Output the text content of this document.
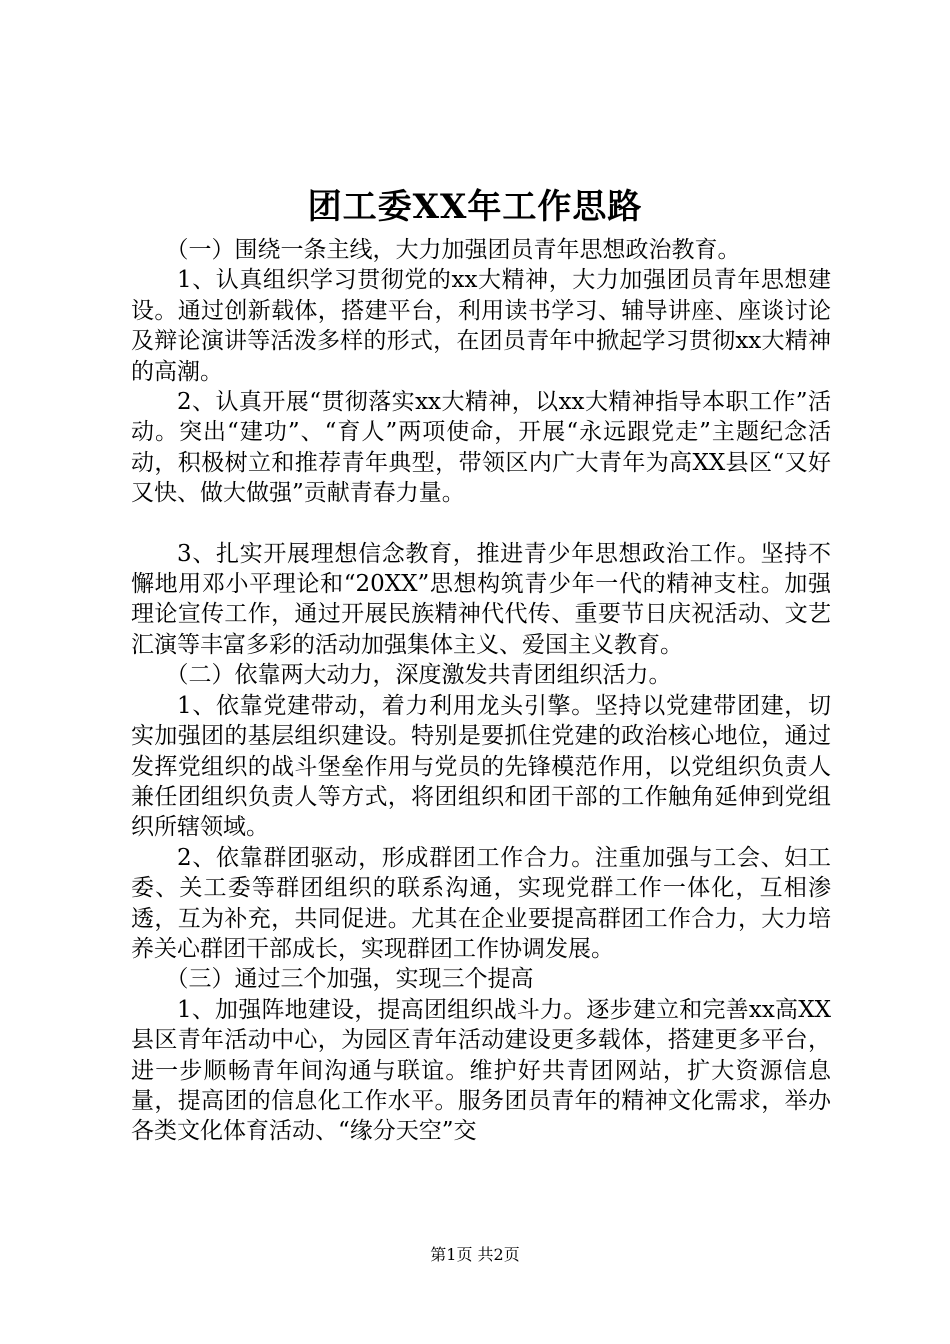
团工委XX年工作思路

（一）围绕一条主线，大力加强团员青年思想政治教育。

1、认真组织学习贯彻党的xx大精神，大力加强团员青年思想建设。通过创新载体，搭建平台，利用读书学习、辅导讲座、座谈讨论及辩论演讲等活泼多样的形式，在团员青年中掀起学习贯彻xx大精神的高潮。

2、认真开展“贯彻落实xx大精神，以xx大精神指导本职工作”活动。突出“建功”、“育人”两项使命，开展“永远跟党走”主题纪念活动，积极树立和推荐青年典型，带领区内广大青年为高XX县区“又好又快、做大做强”贡献青春力量。

3、扎实开展理想信念教育，推进青少年思想政治工作。坚持不懈地用邓小平理论和“20XX”思想构筑青少年一代的精神支柱。加强理论宣传工作，通过开展民族精神代代传、重要节日庆祝活动、文艺汇演等丰富多彩的活动加强集体主义、爱国主义教育。

（二）依靠两大动力，深度激发共青团组织活力。

1、依靠党建带动，着力利用龙头引擎。坚持以党建带团建，切实加强团的基层组织建设。特别是要抓住党建的政治核心地位，通过发挥党组织的战斗堡垒作用与党员的先锋模范作用，以党组织负责人兼任团组织负责人等方式，将团组织和团干部的工作触角延伸到党组织所辖领域。

2、依靠群团驱动，形成群团工作合力。注重加强与工会、妇工委、关工委等群团组织的联系沟通，实现党群工作一体化，互相渗透，互为补充，共同促进。尤其在企业要提高群团工作合力，大力培养关心群团干部成长，实现群团工作协调发展。

（三）通过三个加强，实现三个提高

1、加强阵地建设，提高团组织战斗力。逐步建立和完善xx高XX县区青年活动中心，为园区青年活动建设更多载体，搭建更多平台，进一步顺畅青年间沟通与联谊。维护好共青团网站，扩大资源信息量，提高团的信息化工作水平。服务团员青年的精神文化需求，举办各类文化体育活动、“缘分天空”交

第1页 共2页
